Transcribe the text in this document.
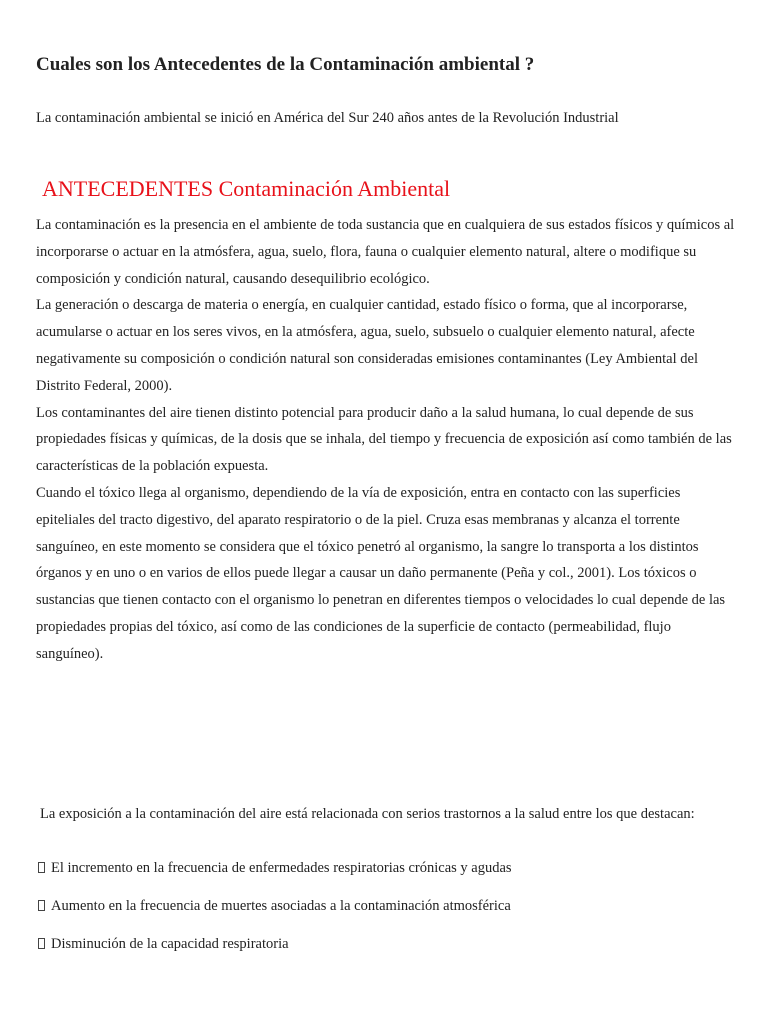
Cuales son los Antecedentes de la Contaminación ambiental ?

La contaminación ambiental se inició en América del Sur 240 años antes de la Revolución Industrial

ANTECEDENTES Contaminación Ambiental

La contaminación es la presencia en el ambiente de toda sustancia que en cualquiera de sus estados físicos y químicos al incorporarse o actuar en la atmósfera, agua, suelo, flora, fauna o cualquier elemento natural, altere o modifique su composición y condición natural, causando desequilibrio ecológico.

La generación o descarga de materia o energía, en cualquier cantidad, estado físico o forma, que al incorporarse, acumularse o actuar en los seres vivos, en la atmósfera, agua, suelo, subsuelo o cualquier elemento natural, afecte negativamente su composición o condición natural son consideradas emisiones contaminantes (Ley Ambiental del Distrito Federal, 2000).

Los contaminantes del aire tienen distinto potencial para producir daño a la salud humana, lo cual depende de sus propiedades físicas y químicas, de la dosis que se inhala, del tiempo y frecuencia de exposición así como también de las características de la población expuesta.

Cuando el tóxico llega al organismo, dependiendo de la vía de exposición, entra en contacto con las superficies epiteliales del tracto digestivo, del aparato respiratorio o de la piel. Cruza esas membranas y alcanza el torrente sanguíneo, en este momento se considera que el tóxico penetró al organismo, la sangre lo transporta a los distintos órganos y en uno o en varios de ellos puede llegar a causar un daño permanente (Peña y col., 2001). Los tóxicos o sustancias que tienen contacto con el organismo lo penetran en diferentes tiempos o velocidades lo cual depende de las propiedades propias del tóxico, así como de las condiciones de la superficie de contacto (permeabilidad, flujo sanguíneo).

La exposición a la contaminación del aire está relacionada con serios trastornos a la salud entre los que destacan:

El incremento en la frecuencia de enfermedades respiratorias crónicas y agudas
Aumento en la frecuencia de muertes asociadas a la contaminación atmosférica
Disminución de la capacidad respiratoria
